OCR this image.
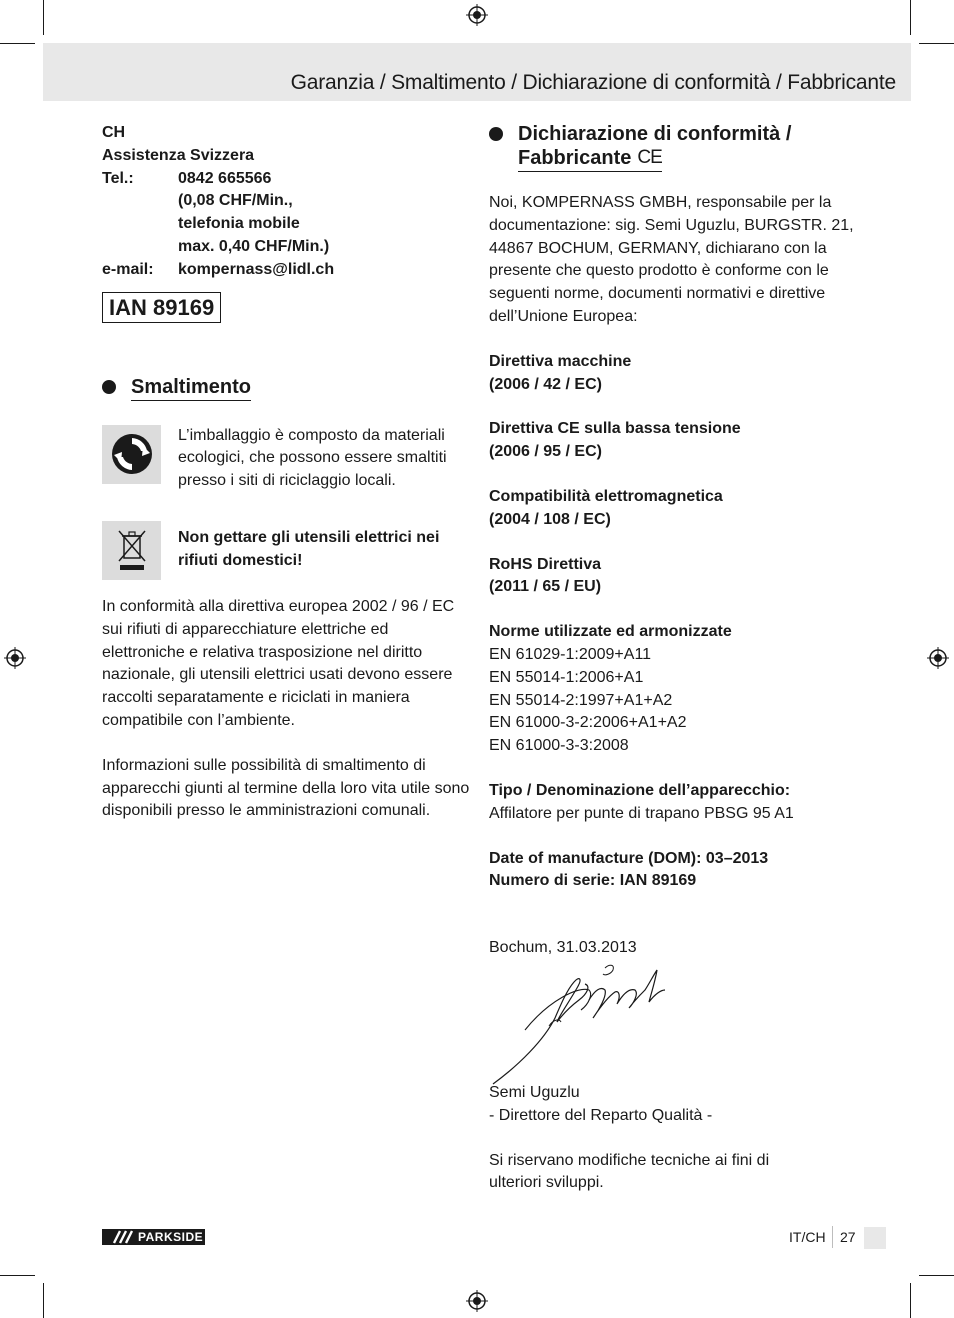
Garanzia / Smaltimento / Dichiarazione di conformità / Fabbricante
CH
Assistenza Svizzera
Tel.:	0842 665566
(0,08 CHF/Min.,
telefonia mobile
max. 0,40 CHF/Min.)
e-mail:	kompernass@lidl.ch
IAN 89169
Smaltimento
L’imballaggio è composto da materiali ecologici, che possono essere smaltiti presso i siti di riciclaggio locali.
Non gettare gli utensili elettrici nei rifiuti domestici!
In conformità alla direttiva europea 2002 / 96 / EC sui rifiuti di apparecchiature elettriche ed elettroniche e relativa trasposizione nel diritto nazionale, gli utensili elettrici usati devono essere raccolti separatamente e riciclati in maniera compatibile con l’ambiente.
Informazioni sulle possibilità di smaltimento di apparecchi giunti al termine della loro vita utile sono disponibili presso le amministrazioni comunali.
Dichiarazione di conformità /
Fabbricante CE
Noi, KOMPERNASS GMBH, responsabile per la documentazione: sig. Semi Uguzlu, BURGSTR. 21, 44867 BOCHUM, GERMANY, dichiarano con la presente che questo prodotto è conforme con le seguenti norme, documenti normativi e direttive dell’Unione Europea:
Direttiva macchine
(2006 / 42 / EC)
Direttiva CE sulla bassa tensione
(2006 / 95 / EC)
Compatibilità elettromagnetica
(2004 / 108 / EC)
RoHS Direttiva
(2011 / 65 / EU)
Norme utilizzate ed armonizzate
EN 61029-1:2009+A11
EN 55014-1:2006+A1
EN 55014-2:1997+A1+A2
EN 61000-3-2:2006+A1+A2
EN 61000-3-3:2008
Tipo / Denominazione dell’apparecchio:
Affilatore per punte di trapano PBSG 95 A1
Date of manufacture (DOM): 03–2013
Numero di serie: IAN 89169
Bochum, 31.03.2013
Semi Uguzlu
- Direttore del Reparto Qualità -
Si riservano modifiche tecniche ai fini di ulteriori sviluppi.
PARKSIDE	IT/CH 27
